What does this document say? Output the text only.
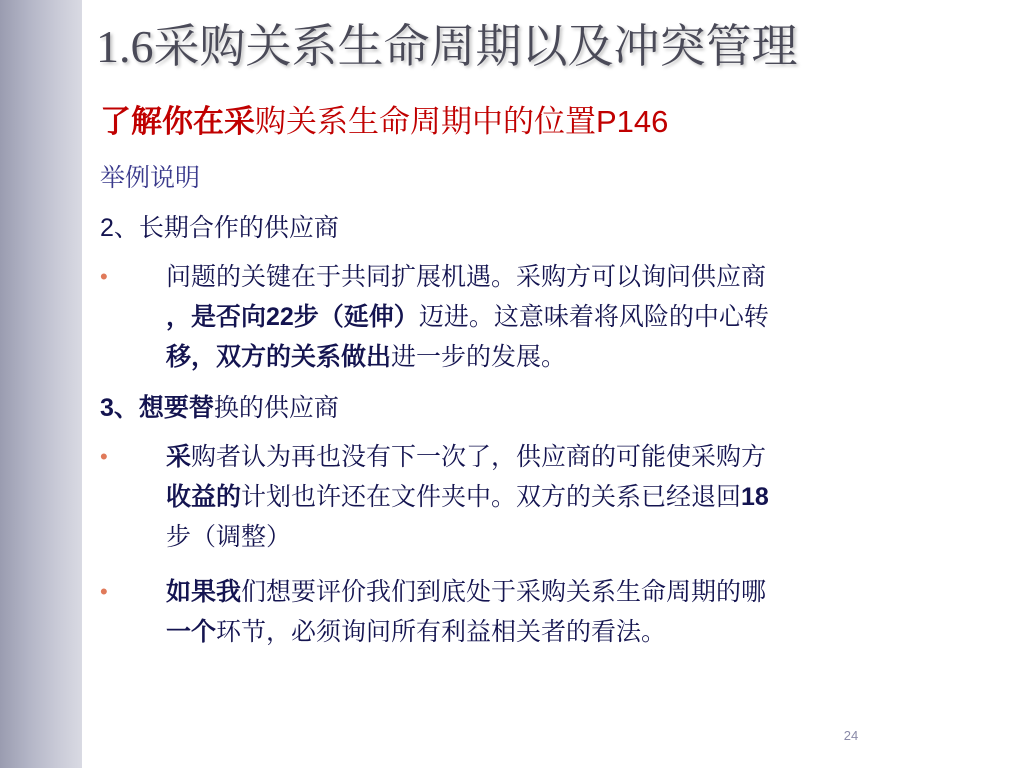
1.6采购关系生命周期以及冲突管理
了解你在采购关系生命周期中的位置P146
举例说明
2、长期合作的供应商
• 问题的关键在于共同扩展机遇。采购方可以询问供应商
，是否向22步（延伸）迈进。这意味着将风险的中心转
移，双方的关系做出进一步的发展。
3、想要替换的供应商
• 采购者认为再也没有下一次了，供应商的可能使采购方
收益的计划也许还在文件夹中。双方的关系已经退回18
步（调整）
• 如果我们想要评价我们到底处于采购关系生命周期的哪
一个环节，必须询问所有利益相关者的看法。
24
